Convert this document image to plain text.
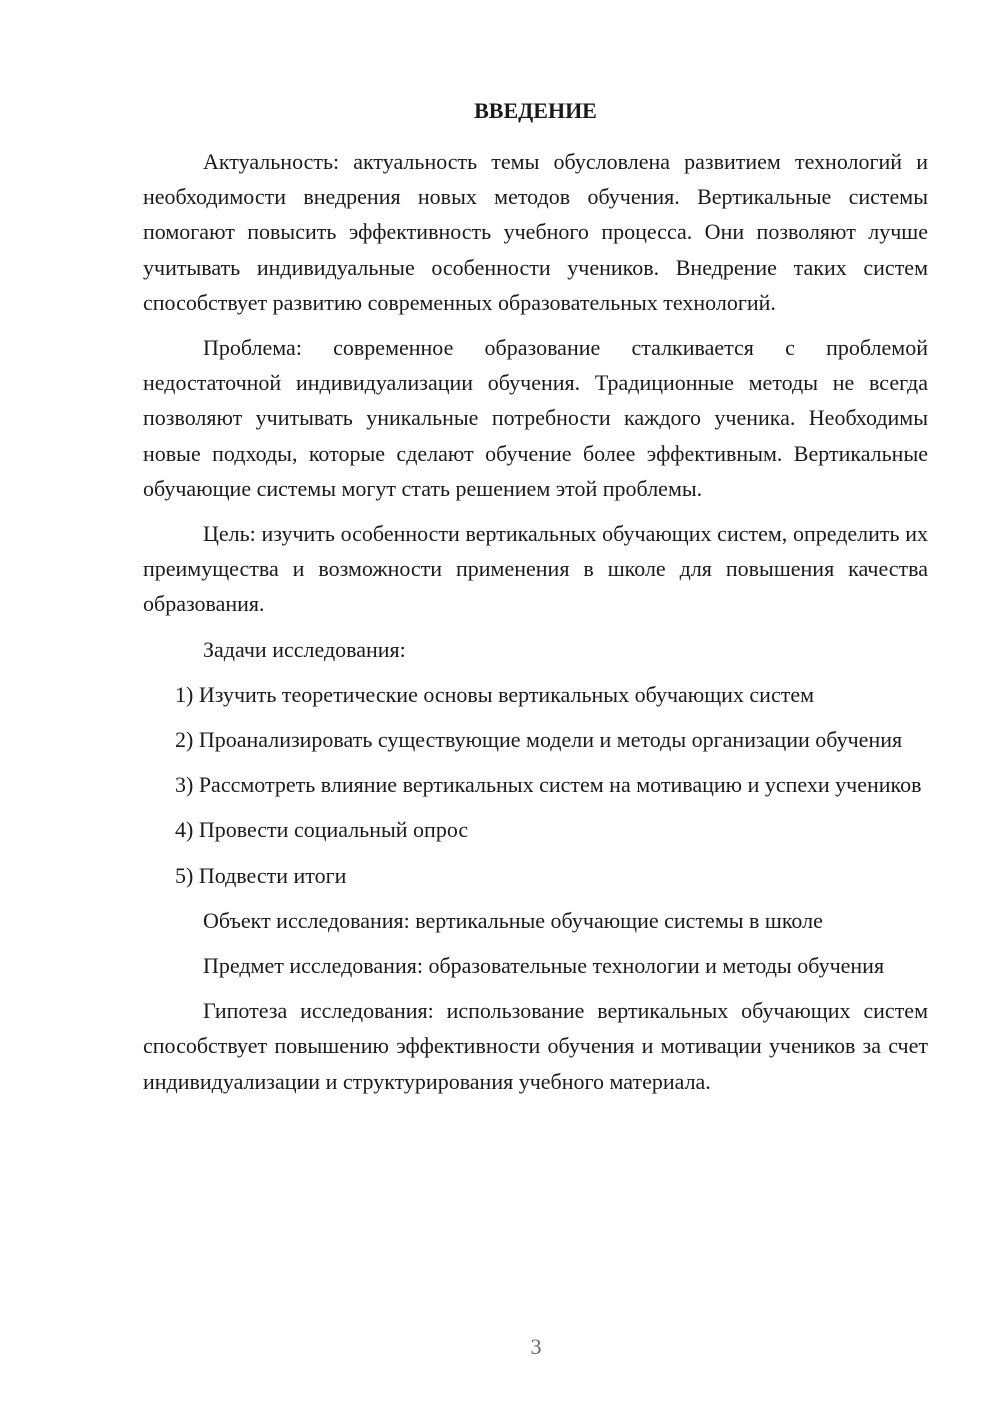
ВВЕДЕНИЕ

Актуальность: актуальность темы обусловлена развитием технологий и необходимости внедрения новых методов обучения. Вертикальные системы помогают повысить эффективность учебного процесса. Они позволяют лучше учитывать индивидуальные особенности учеников. Внедрение таких систем способствует развитию современных образовательных технологий.

Проблема: современное образование сталкивается с проблемой недостаточной индивидуализации обучения. Традиционные методы не всегда позволяют учитывать уникальные потребности каждого ученика. Необходимы новые подходы, которые сделают обучение более эффективным. Вертикальные обучающие системы могут стать решением этой проблемы.

Цель: изучить особенности вертикальных обучающих систем, определить их преимущества и возможности применения в школе для повышения качества образования.

Задачи исследования:

1) Изучить теоретические основы вертикальных обучающих систем

2) Проанализировать существующие модели и методы организации обучения

3) Рассмотреть влияние вертикальных систем на мотивацию и успехи учеников

4) Провести социальный опрос

5) Подвести итоги

Объект исследования: вертикальные обучающие системы в школе

Предмет исследования: образовательные технологии и методы обучения

Гипотеза исследования: использование вертикальных обучающих систем способствует повышению эффективности обучения и мотивации учеников за счет индивидуализации и структурирования учебного материала.

3
